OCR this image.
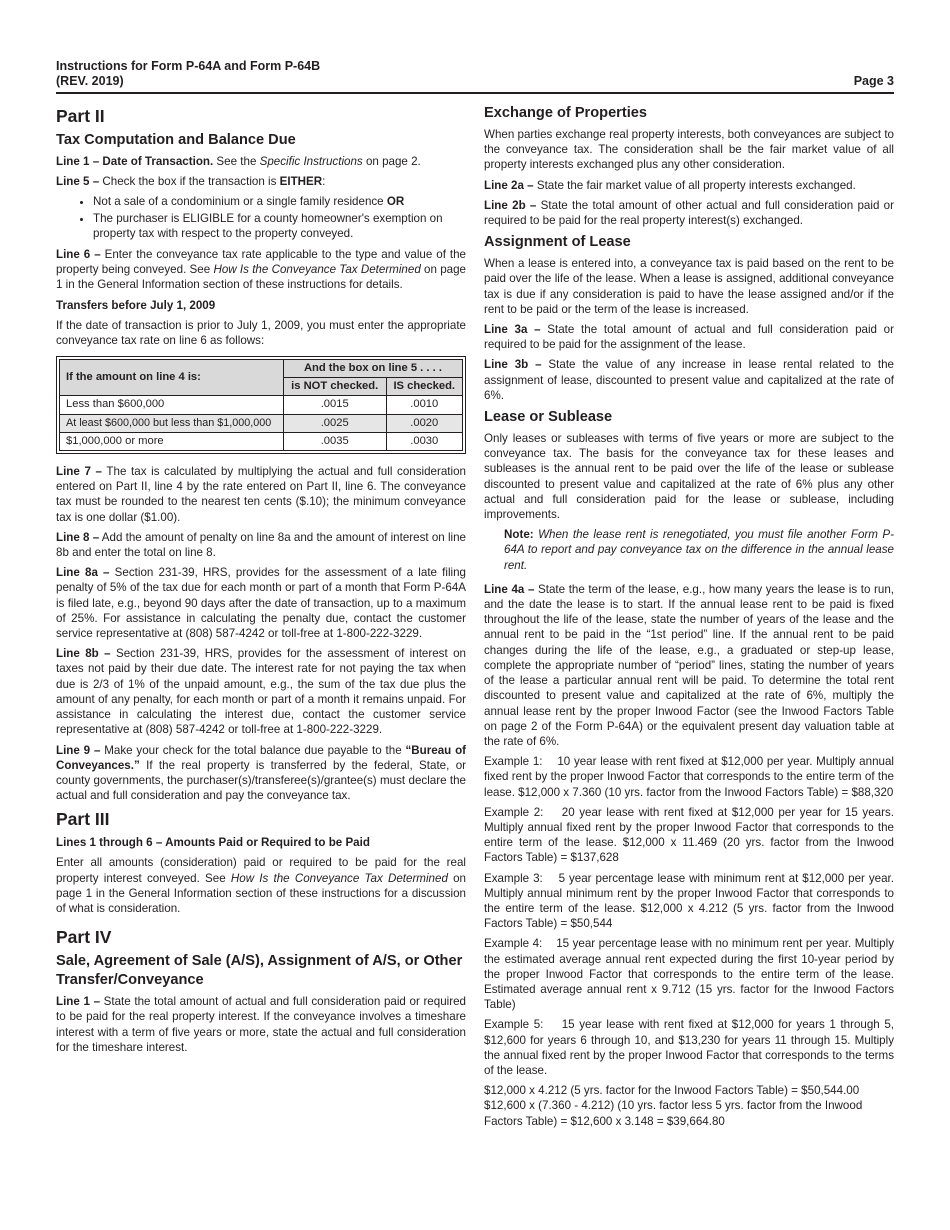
Instructions for Form P-64A and Form P-64B
(REV. 2019)	Page 3
Part II
Tax Computation and Balance Due

Line 1 – Date of Transaction. See the Specific Instructions on page 2.

Line 5 – Check the box if the transaction is EITHER:

• Not a sale of a condominium or a single family residence OR
• The purchaser is ELIGIBLE for a county homeowner's exemption on property tax with respect to the property conveyed.

Line 6 – Enter the conveyance tax rate applicable to the type and value of the property being conveyed. See How Is the Conveyance Tax Determined on page 1 in the General Information section of these instructions for details.

Transfers before July 1, 2009

If the date of transaction is prior to July 1, 2009, you must enter the appropriate conveyance tax rate on line 6 as follows:

If the amount on line 4 is:	And the box on line 5 . . . .	
	is NOT checked.	IS checked.
Less than $600,000	.0015	.0010
At least $600,000 but less than $1,000,000	.0025	.0020
$1,000,000 or more	.0035	.0030

Line 7 – The tax is calculated by multiplying the actual and full consideration entered on Part II, line 4 by the rate entered on Part II, line 6. The conveyance tax must be rounded to the nearest ten cents ($.10); the minimum conveyance tax is one dollar ($1.00).

Line 8 – Add the amount of penalty on line 8a and the amount of interest on line 8b and enter the total on line 8.

Line 8a – Section 231-39, HRS, provides for the assessment of a late filing penalty of 5% of the tax due for each month or part of a month that Form P-64A is filed late, e.g., beyond 90 days after the date of transaction, up to a maximum of 25%. For assistance in calculating the penalty due, contact the customer service representative at (808) 587-4242 or toll-free at 1-800-222-3229.

Line 8b – Section 231-39, HRS, provides for the assessment of interest on taxes not paid by their due date. The interest rate for not paying the tax when due is 2/3 of 1% of the unpaid amount, e.g., the sum of the tax due plus the amount of any penalty, for each month or part of a month it remains unpaid. For assistance in calculating the interest due, contact the customer service representative at (808) 587-4242 or toll-free at 1-800-222-3229.

Line 9 – Make your check for the total balance due payable to the “Bureau of Conveyances.” If the real property is transferred by the federal, State, or county governments, the purchaser(s)/transferee(s)/grantee(s) must declare the actual and full consideration and pay the conveyance tax.

Part III
Lines 1 through 6 – Amounts Paid or Required to be Paid

Enter all amounts (consideration) paid or required to be paid for the real property interest conveyed. See How Is the Conveyance Tax Determined on page 1 in the General Information section of these instructions for a discussion of what is consideration.

Part IV
Sale, Agreement of Sale (A/S), Assignment of A/S, or Other Transfer/Conveyance

Line 1 – State the total amount of actual and full consideration paid or required to be paid for the real property interest. If the conveyance involves a timeshare interest with a term of five years or more, state the actual and full consideration for the timeshare interest.

Exchange of Properties

When parties exchange real property interests, both conveyances are subject to the conveyance tax. The consideration shall be the fair market value of all property interests exchanged plus any other consideration.

Line 2a – State the fair market value of all property interests exchanged.

Line 2b – State the total amount of other actual and full consideration paid or required to be paid for the real property interest(s) exchanged.

Assignment of Lease

When a lease is entered into, a conveyance tax is paid based on the rent to be paid over the life of the lease. When a lease is assigned, additional conveyance tax is due if any consideration is paid to have the lease assigned and/or if the rent to be paid or the term of the lease is increased.

Line 3a – State the total amount of actual and full consideration paid or required to be paid for the assignment of the lease.

Line 3b – State the value of any increase in lease rental related to the assignment of lease, discounted to present value and capitalized at the rate of 6%.

Lease or Sublease

Only leases or subleases with terms of five years or more are subject to the conveyance tax. The basis for the conveyance tax for these leases and subleases is the annual rent to be paid over the life of the lease or sublease discounted to present value and capitalized at the rate of 6% plus any other actual and full consideration paid for the lease or sublease, including improvements.

Note: When the lease rent is renegotiated, you must file another Form P-64A to report and pay conveyance tax on the difference in the annual lease rent.

Line 4a – State the term of the lease, e.g., how many years the lease is to run, and the date the lease is to start. If the annual lease rent to be paid is fixed throughout the life of the lease, state the number of years of the lease and the annual rent to be paid in the “1st period” line. If the annual rent to be paid changes during the life of the lease, e.g., a graduated or step-up lease, complete the appropriate number of “period” lines, stating the number of years of the lease a particular annual rent will be paid. To determine the total rent discounted to present value and capitalized at the rate of 6%, multiply the annual lease rent by the proper Inwood Factor (see the Inwood Factors Table on page 2 of the Form P-64A) or the equivalent present day valuation table at the rate of 6%.

Example 1:    10 year lease with rent fixed at $12,000 per year. Multiply annual fixed rent by the proper Inwood Factor that corresponds to the entire term of the lease. $12,000 x 7.360 (10 yrs. factor from the Inwood Factors Table) = $88,320

Example 2:    20 year lease with rent fixed at $12,000 per year for 15 years. Multiply annual fixed rent by the proper Inwood Factor that corresponds to the entire term of the lease. $12,000 x 11.469 (20 yrs. factor from the Inwood Factors Table) = $137,628

Example 3:    5 year percentage lease with minimum rent at $12,000 per year. Multiply annual minimum rent by the proper Inwood Factor that corresponds to the entire term of the lease. $12,000 x 4.212 (5 yrs. factor from the Inwood Factors Table) = $50,544

Example 4:    15 year percentage lease with no minimum rent per year. Multiply the estimated average annual rent expected during the first 10-year period by the proper Inwood Factor that corresponds to the entire term of the lease. Estimated average annual rent x 9.712 (15 yrs. factor for the Inwood Factors Table)

Example 5:    15 year lease with rent fixed at $12,000 for years 1 through 5, $12,600 for years 6 through 10, and $13,230 for years 11 through 15. Multiply the annual fixed rent by the proper Inwood Factor that corresponds to the terms of the lease.

$12,000 x 4.212 (5 yrs. factor for the Inwood Factors Table) = $50,544.00
$12,600 x (7.360 - 4.212) (10 yrs. factor less 5 yrs. factor from the Inwood Factors Table) = $12,600 x 3.148 = $39,664.80
